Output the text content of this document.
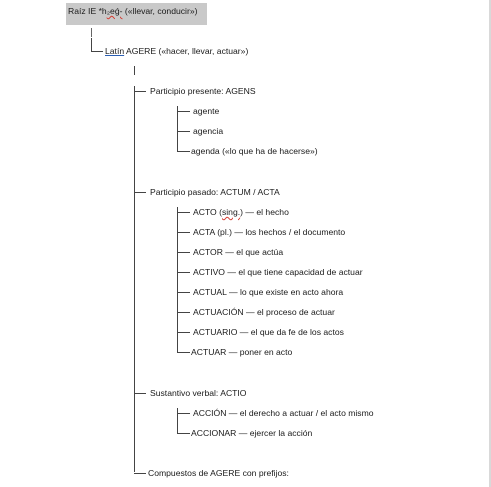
Raíz IE *h₂eǵ- («llevar, conducir»)
Latín AGERE («hacer, llevar, actuar»)
Participio presente: AGENS
agente
agencia
agenda («lo que ha de hacerse»)
Participio pasado: ACTUM / ACTA
ACTO (sing.) — el hecho
ACTA (pl.) — los hechos / el documento
ACTOR — el que actúa
ACTIVO — el que tiene capacidad de actuar
ACTUAL — lo que existe en acto ahora
ACTUACIÓN — el proceso de actuar
ACTUARIO — el que da fe de los actos
ACTUAR — poner en acto
Sustantivo verbal: ACTIO
ACCIÓN — el derecho a actuar / el acto mismo
ACCIONAR — ejercer la acción
Compuestos de AGERE con prefijos:
